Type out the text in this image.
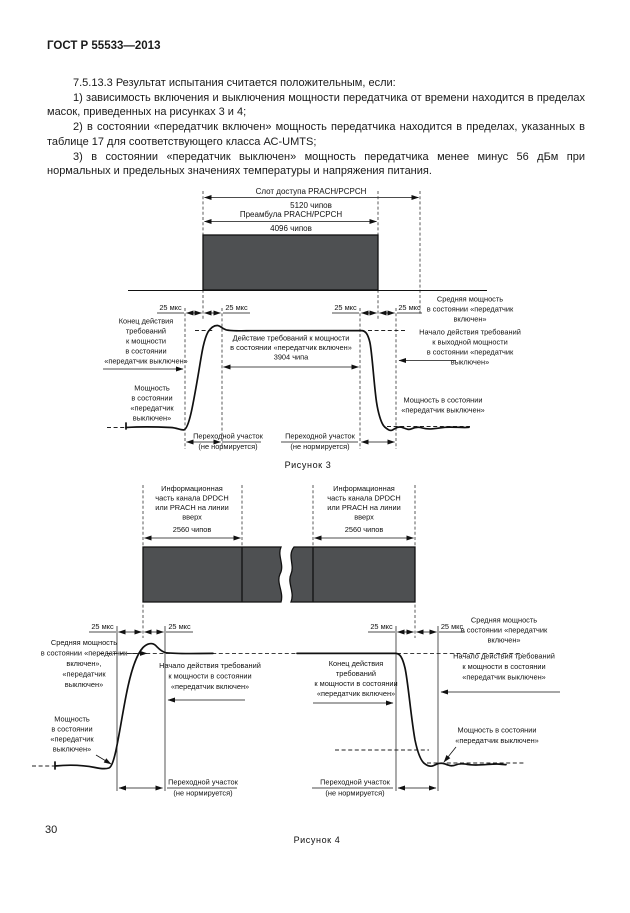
ГОСТ Р 55533—2013

7.5.13.3 Результат испытания считается положительным, если:

1) зависимость включения и выключения мощности передатчика от времени находится в пределах масок, приведенных на рисунках 3 и 4;

2) в состоянии «передатчик включен» мощность передатчика находится в пределах, указанных в таблице 17 для соответствующего класса АС-UMTS;

3) в состоянии «передатчик выключен» мощность передатчика менее минус 56 дБм при нормальных и предельных значениях температуры и напряжения питания.

Слот доступа PRACH/PCPCH
5120 чипов
Преамбула PRACH/PCPCH
4096 чипов
25 мкс	25 мкс	25 мкс	25 мкс
Конец действия
требований
к мощности
в состоянии
«передатчик выключен»
Мощность
в состоянии
«передатчик
выключен»
Действие требований к мощности
в состоянии «передатчик включен»
3904 чипа
Средняя мощность
в состоянии «передатчик
включен»
Начало действия требований
к выходной мощности
в состоянии «передатчик
выключен»
Мощность в состоянии
«передатчик выключен»
Переходной участок
(не нормируется)
Переходной участок
(не нормируется)
Рисунок 3
Информационная
часть канала DPDCH
или PRACH на линии
вверх
2560 чипов
Информационная
часть канала DPDCH
или PRACH на линии
вверх
2560 чипов
25 мкс	25 мкс	25 мкс	25 мкс
Средняя мощность
в состоянии «передатчик
включен»,
«передатчик
выключен»
Начало действия требований
к мощности в состоянии
«передатчик включен»
Конец действия
требований
к мощности в состоянии
«передатчик включен»
Начало действия требований
к мощности в состоянии
«передатчик выключен»
Средняя мощность
в состоянии «передатчик
включен»
Мощность
в состоянии
«передатчик
выключен»
Мощность в состоянии
«передатчик выключен»
Переходной участок
(не нормируется)
Переходной участок
(не нормируется)
Рисунок 4
30
